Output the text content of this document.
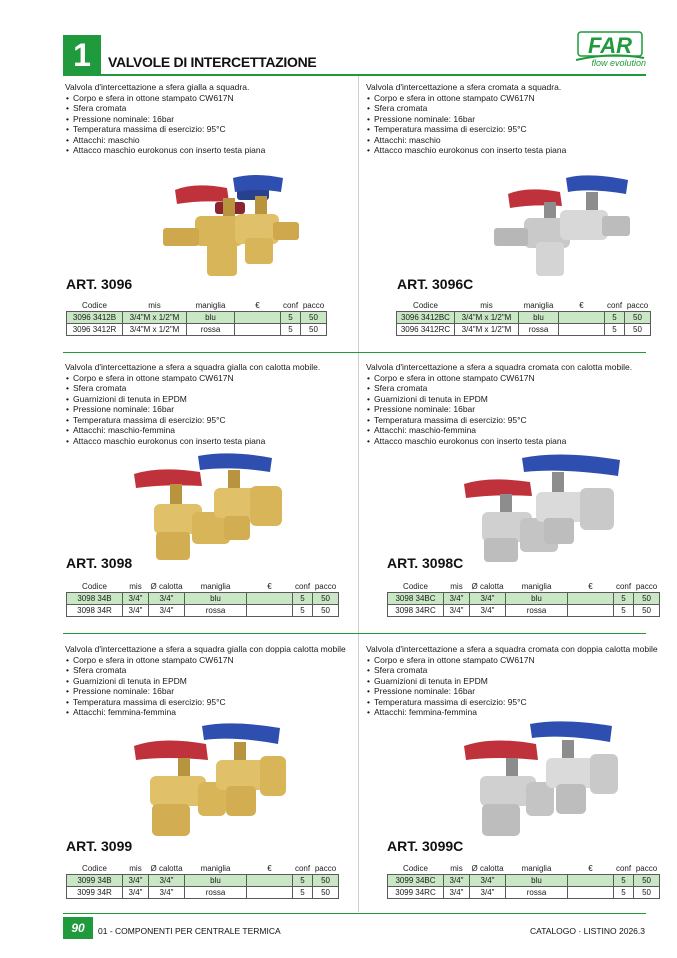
1	VALVOLE DI INTERCETTAZIONE
FAR
flow evolution
Valvola d'intercettazione a sfera gialla a squadra.
• Corpo e sfera in ottone stampato CW617N
• Sfera cromata
• Pressione nominale: 16bar
• Temperatura massima di esercizio: 95°C
• Attacchi: maschio
• Attacco maschio eurokonus con inserto testa piana
ART. 3096
Codice	mis	maniglia	€	conf	pacco
3096 3412B	3/4"M x 1/2"M	blu		5	50
3096 3412R	3/4"M x 1/2"M	rossa		5	50
Valvola d'intercettazione a sfera cromata a squadra.
• Corpo e sfera in ottone stampato CW617N
• Sfera cromata
• Pressione nominale: 16bar
• Temperatura massima di esercizio: 95°C
• Attacchi: maschio
• Attacco maschio eurokonus con inserto testa piana
ART. 3096C
Codice	mis	maniglia	€	conf	pacco
3096 3412BC	3/4"M x 1/2"M	blu		5	50
3096 3412RC	3/4"M x 1/2"M	rossa		5	50
Valvola d'intercettazione a sfera a squadra gialla con calotta mobile.
• Corpo e sfera in ottone stampato CW617N
• Sfera cromata
• Guarnizioni di tenuta in EPDM
• Pressione nominale: 16bar
• Temperatura massima di esercizio: 95°C
• Attacchi: maschio-femmina
• Attacco maschio eurokonus con inserto testa piana
ART. 3098
Codice	mis	Ø calotta	maniglia	€	conf	pacco
3098 34B	3/4"	3/4"	blu		5	50
3098 34R	3/4"	3/4"	rossa		5	50
Valvola d'intercettazione a sfera a squadra cromata con calotta mobile.
• Corpo e sfera in ottone stampato CW617N
• Sfera cromata
• Guarnizioni di tenuta in EPDM
• Pressione nominale: 16bar
• Temperatura massima di esercizio: 95°C
• Attacchi: maschio-femmina
• Attacco maschio eurokonus con inserto testa piana
ART. 3098C
Codice	mis	Ø calotta	maniglia	€	conf	pacco
3098 34BC	3/4"	3/4"	blu		5	50
3098 34RC	3/4"	3/4"	rossa		5	50
Valvola d'intercettazione a sfera a squadra gialla con doppia calotta mobile
• Corpo e sfera in ottone stampato CW617N
• Sfera cromata
• Guarnizioni di tenuta in EPDM
• Pressione nominale: 16bar
• Temperatura massima di esercizio: 95°C
• Attacchi: femmina-femmina
ART. 3099
Codice	mis	Ø calotta	maniglia	€	conf	pacco
3099 34B	3/4"	3/4"	blu		5	50
3099 34R	3/4"	3/4"	rossa		5	50
Valvola d'intercettazione a sfera a squadra cromata con doppia calotta mobile
• Corpo e sfera in ottone stampato CW617N
• Sfera cromata
• Guarnizioni di tenuta in EPDM
• Pressione nominale: 16bar
• Temperatura massima di esercizio: 95°C
• Attacchi: femmina-femmina
ART. 3099C
Codice	mis	Ø calotta	maniglia	€	conf	pacco
3099 34BC	3/4"	3/4"	blu		5	50
3099 34RC	3/4"	3/4"	rossa		5	50
90	01 - COMPONENTI PER CENTRALE TERMICA	CATALOGO · LISTINO 2026.3
